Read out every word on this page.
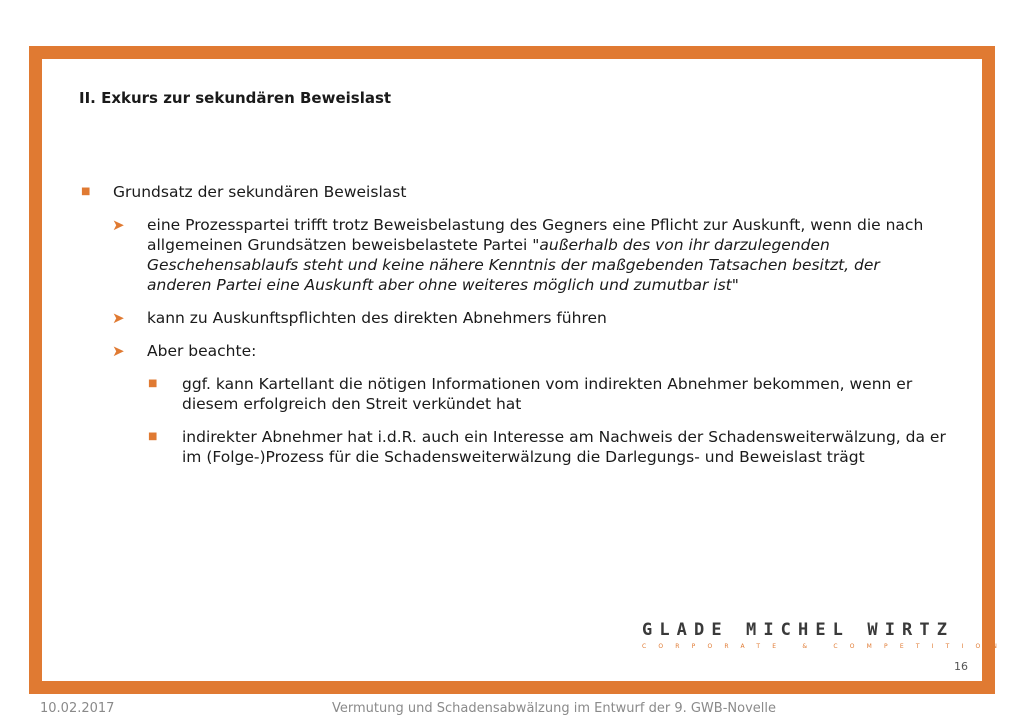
II. Exkurs zur sekundären Beweislast
■ Grundsatz der sekundären Beweislast
➤ eine Prozesspartei trifft trotz Beweisbelastung des Gegners eine Pflicht zur Auskunft, wenn die nach allgemeinen Grundsätzen beweisbelastete Partei "außerhalb des von ihr darzulegenden Geschehensablaufs steht und keine nähere Kenntnis der maßgebenden Tatsachen besitzt, der anderen Partei eine Auskunft aber ohne weiteres möglich und zumutbar ist"
➤ kann zu Auskunftspflichten des direkten Abnehmers führen
➤ Aber beachte:
■ ggf. kann Kartellant die nötigen Informationen vom indirekten Abnehmer bekommen, wenn er diesem erfolgreich den Streit verkündet hat
■ indirekter Abnehmer hat i.d.R. auch ein Interesse am Nachweis der Schadensweiterwälzung, da er im (Folge-)Prozess für die Schadensweiterwälzung die Darlegungs- und Beweislast trägt
GLADE MICHEL WIRTZ
CORPORATE & COMPETITION
16
10.02.2017	Vermutung und Schadensabwälzung im Entwurf der 9. GWB-Novelle
